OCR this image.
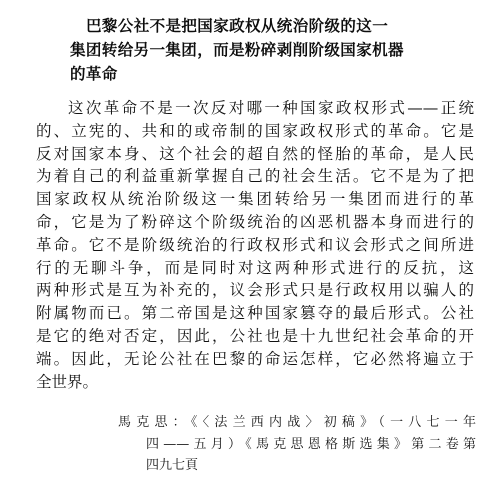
巴黎公社不是把国家政权从统治阶级的这一
集团转给另一集团，而是粉碎剥削阶级国家机器
的革命
这次革命不是一次反对哪一种国家政权形式——正统
的、立宪的、共和的或帝制的国家政权形式的革命。它是
反对国家本身、这个社会的超自然的怪胎的革命，是人民
为着自己的利益重新掌握自己的社会生活。它不是为了把
国家政权从统治阶级这一集团转给另一集团而进行的革
命，它是为了粉碎这个阶级统治的凶恶机器本身而进行的
革命。它不是阶级统治的行政权形式和议会形式之间所进
行的无聊斗争，而是同时对这两种形式进行的反抗，这
两种形式是互为补充的，议会形式只是行政权用以骗人的
附属物而已。第二帝国是这种国家篡夺的最后形式。公社
是它的绝对否定，因此，公社也是十九世纪社会革命的开
端。因此，无论公社在巴黎的命运怎样，它必然将遍立于
全世界。
馬克思：《〈法兰西内战〉初稿》（一八七一年
四——五月）《馬克思恩格斯选集》第二卷第
四九七頁
